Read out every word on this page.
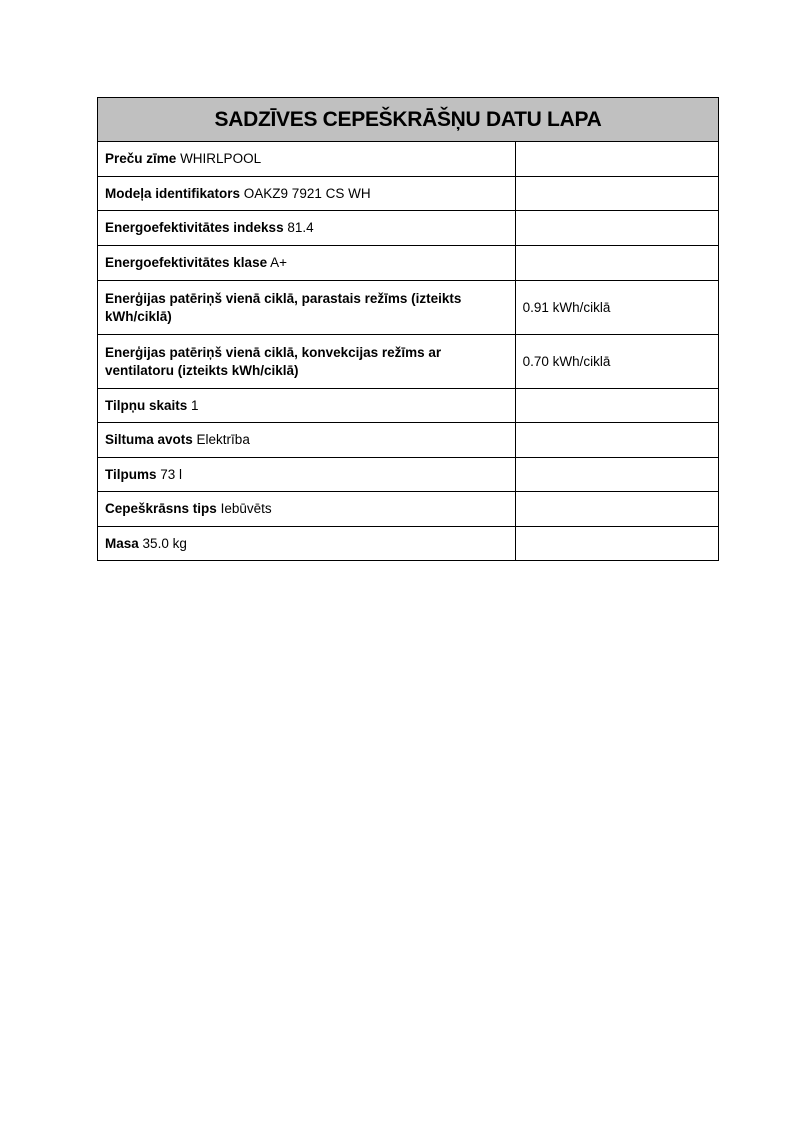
SADZĪVES CEPEŠKRĀŠŅU DATU LAPA	
Preču zīme WHIRLPOOL	
Modeļa identifikators OAKZ9 7921 CS WH	
Energoefektivitātes indekss 81.4	
Energoefektivitātes klase A+	
Enerģijas patēriņš vienā ciklā, parastais režīms (izteikts kWh/ciklā)	0.91 kWh/ciklā
Enerģijas patēriņš vienā ciklā, konvekcijas režīms ar ventilatoru (izteikts kWh/ciklā)	0.70 kWh/ciklā
Tilpņu skaits 1	
Siltuma avots Elektrība	
Tilpums 73 l	
Cepeškrāsns tips Iebūvēts	
Masa 35.0 kg	
